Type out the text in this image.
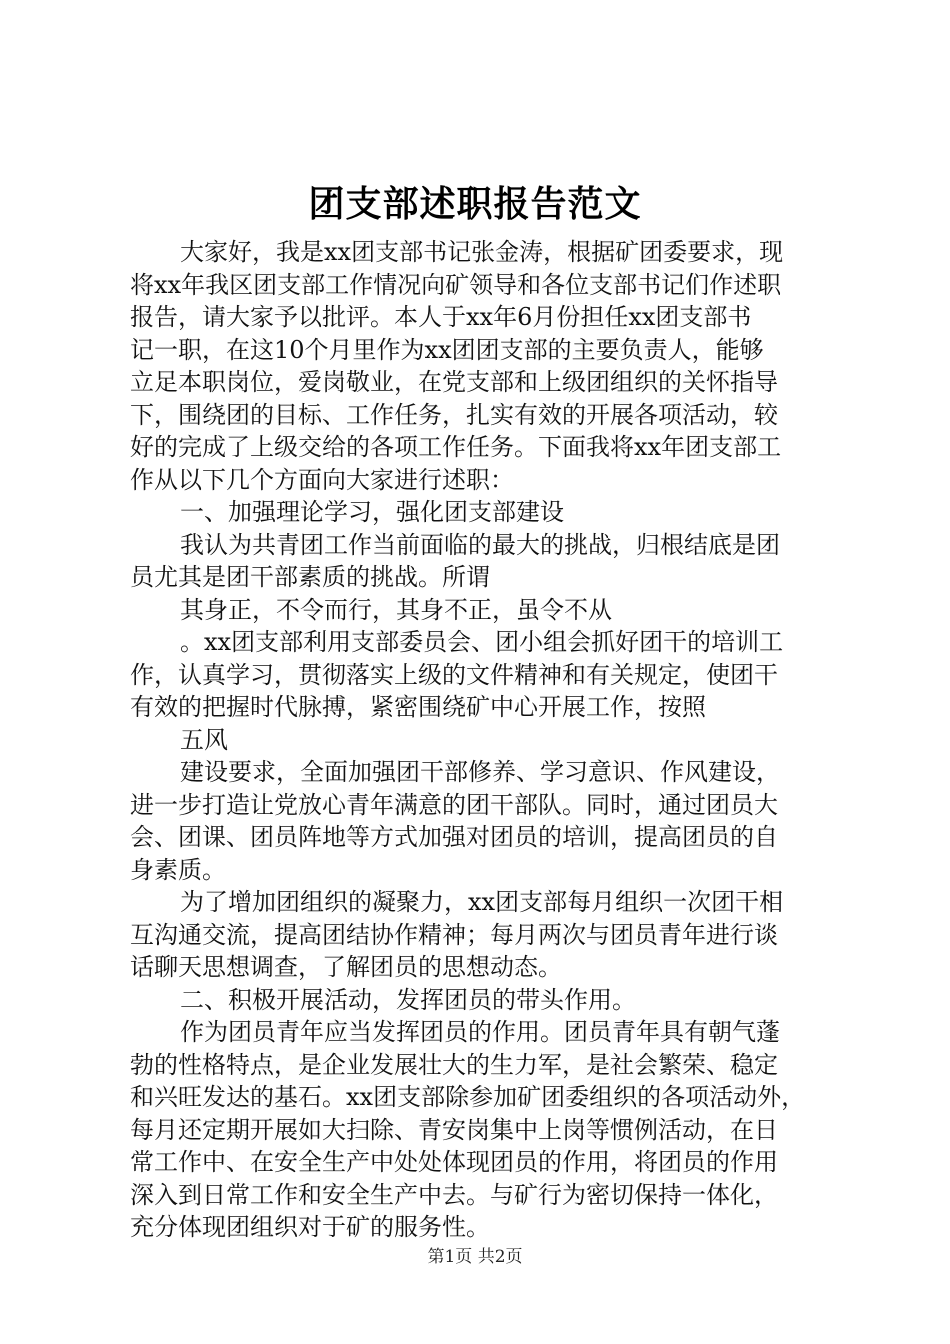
团支部述职报告范文
大家好，我是xx团支部书记张金涛，根据矿团委要求，现
将xx年我区团支部工作情况向矿领导和各位支部书记们作述职
报告，请大家予以批评。本人于xx年6月份担任xx团支部书
记一职，在这10个月里作为xx团团支部的主要负责人，能够
立足本职岗位，爱岗敬业，在党支部和上级团组织的关怀指导
下，围绕团的目标、工作任务，扎实有效的开展各项活动，较
好的完成了上级交给的各项工作任务。下面我将xx年团支部工
作从以下几个方面向大家进行述职：
一、加强理论学习，强化团支部建设
我认为共青团工作当前面临的最大的挑战，归根结底是团
员尤其是团干部素质的挑战。所谓
其身正，不令而行，其身不正，虽令不从
。xx团支部利用支部委员会、团小组会抓好团干的培训工
作，认真学习，贯彻落实上级的文件精神和有关规定，使团干
有效的把握时代脉搏，紧密围绕矿中心开展工作，按照
五风
建设要求，全面加强团干部修养、学习意识、作风建设，
进一步打造让党放心青年满意的团干部队。同时，通过团员大
会、团课、团员阵地等方式加强对团员的培训，提高团员的自
身素质。
为了增加团组织的凝聚力，xx团支部每月组织一次团干相
互沟通交流，提高团结协作精神；每月两次与团员青年进行谈
话聊天思想调查，了解团员的思想动态。
二、积极开展活动，发挥团员的带头作用。
作为团员青年应当发挥团员的作用。团员青年具有朝气蓬
勃的性格特点，是企业发展壮大的生力军，是社会繁荣、稳定
和兴旺发达的基石。xx团支部除参加矿团委组织的各项活动外，
每月还定期开展如大扫除、青安岗集中上岗等惯例活动，在日
常工作中、在安全生产中处处体现团员的作用，将团员的作用
深入到日常工作和安全生产中去。与矿行为密切保持一体化，
充分体现团组织对于矿的服务性。
第1页 共2页
